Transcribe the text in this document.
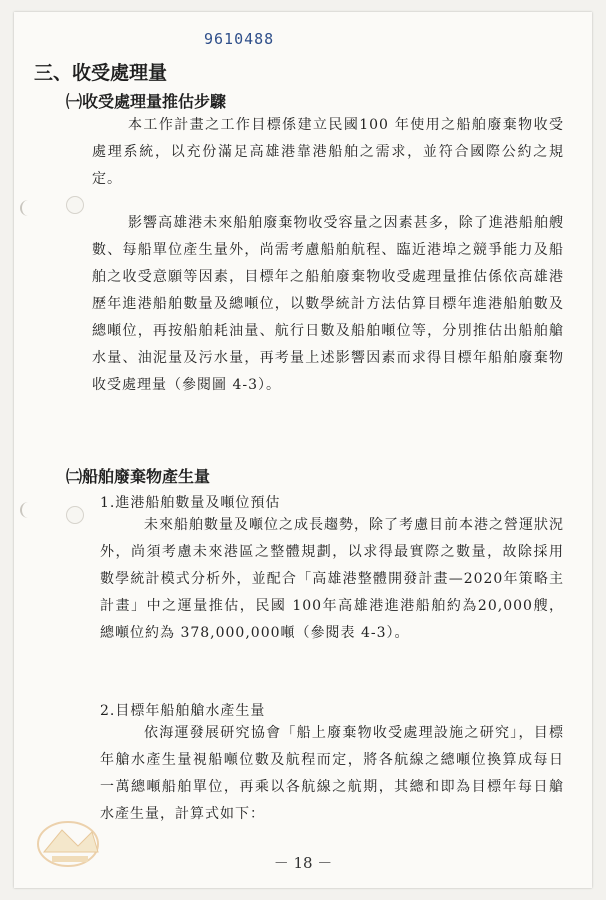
9610488
三、收受處理量
㈠收受處理量推估步驟

本工作計畫之工作目標係建立民國100 年使用之船舶廢棄物收受處理系統，以充份滿足高雄港靠港船舶之需求，並符合國際公約之規定。

影響高雄港未來船舶廢棄物收受容量之因素甚多，除了進港船舶艘數、每船單位產生量外，尚需考慮船舶航程、臨近港埠之競爭能力及船舶之收受意願等因素，目標年之船舶廢棄物收受處理量推估係依高雄港歷年進港船舶數量及總噸位，以數學統計方法估算目標年進港船舶數及總噸位，再按船舶耗油量、航行日數及船舶噸位等，分別推估出船舶艙水量、油泥量及污水量，再考量上述影響因素而求得目標年船舶廢棄物收受處理量（參閱圖 4-3）。

㈡船舶廢棄物產生量
1.進港船舶數量及噸位預估

未來船舶數量及噸位之成長趨勢，除了考慮目前本港之營運狀況外，尚須考慮未來港區之整體規劃，以求得最實際之數量，故除採用數學統計模式分析外，並配合「高雄港整體開發計畫—2020年策略主計畫」中之運量推估，民國 100年高雄港進港船舶約為20,000艘，總噸位約為 378,000,000噸（參閱表 4-3）。

2.目標年船舶艙水產生量

依海運發展研究協會「船上廢棄物收受處理設施之研究」，目標年艙水產生量視船噸位數及航程而定，將各航線之總噸位換算成每日一萬總噸船舶單位，再乘以各航線之航期，其總和即為目標年每日艙水產生量，計算式如下：

－ 18 －
